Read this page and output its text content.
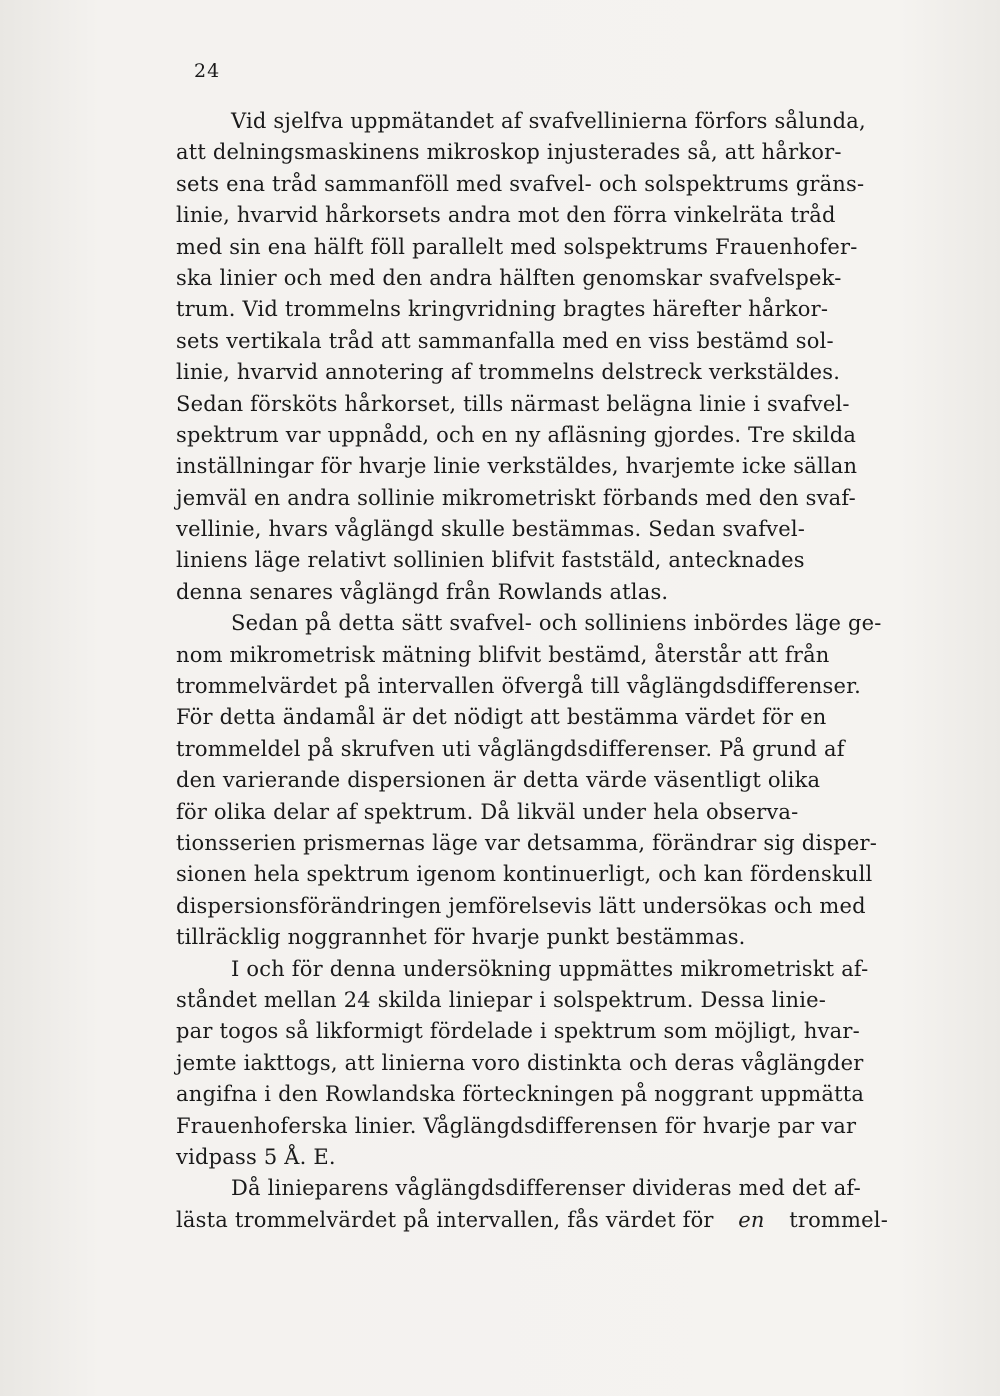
24
Vid sjelfva uppmätandet af svafvellinierna förfors sålunda,
att delningsmaskinens mikroskop injusterades så, att hårkor-
sets ena tråd sammanföll med svafvel- och solspektrums gräns-
linie, hvarvid hårkorsets andra mot den förra vinkelräta tråd
med sin ena hälft föll parallelt med solspektrums Frauenhofer-
ska linier och med den andra hälften genomskar svafvelspek-
trum. Vid trommelns kringvridning bragtes härefter hårkor-
sets vertikala tråd att sammanfalla med en viss bestämd sol-
linie, hvarvid annotering af trommelns delstreck verkstäldes.
Sedan försköts hårkorset, tills närmast belägna linie i svafvel-
spektrum var uppnådd, och en ny afläsning gjordes. Tre skilda
inställningar för hvarje linie verkstäldes, hvarjemte icke sällan
jemväl en andra sollinie mikrometriskt förbands med den svaf-
vellinie, hvars våglängd skulle bestämmas. Sedan svafvel-
liniens läge relativt sollinien blifvit faststäld, antecknades
denna senares våglängd från Rowlands atlas.
Sedan på detta sätt svafvel- och solliniens inbördes läge ge-
nom mikrometrisk mätning blifvit bestämd, återstår att från
trommelvärdet på intervallen öfvergå till våglängdsdifferenser.
För detta ändamål är det nödigt att bestämma värdet för en
trommeldel på skrufven uti våglängdsdifferenser. På grund af
den varierande dispersionen är detta värde väsentligt olika
för olika delar af spektrum. Då likväl under hela observa-
tionsserien prismernas läge var detsamma, förändrar sig disper-
sionen hela spektrum igenom kontinuerligt, och kan fördenskull
dispersionsförändringen jemförelsevis lätt undersökas och med
tillräcklig noggrannhet för hvarje punkt bestämmas.
I och för denna undersökning uppmättes mikrometriskt af-
ståndet mellan 24 skilda liniepar i solspektrum. Dessa linie-
par togos så likformigt fördelade i spektrum som möjligt, hvar-
jemte iakttogs, att linierna voro distinkta och deras våglängder
angifna i den Rowlandska förteckningen på noggrant uppmätta
Frauenhoferska linier. Våglängdsdifferensen för hvarje par var
vidpass 5 Å. E.
Då linieparens våglängdsdifferenser divideras med det af-
lästa trommelvärdet på intervallen, fås värdet för en trommel-
